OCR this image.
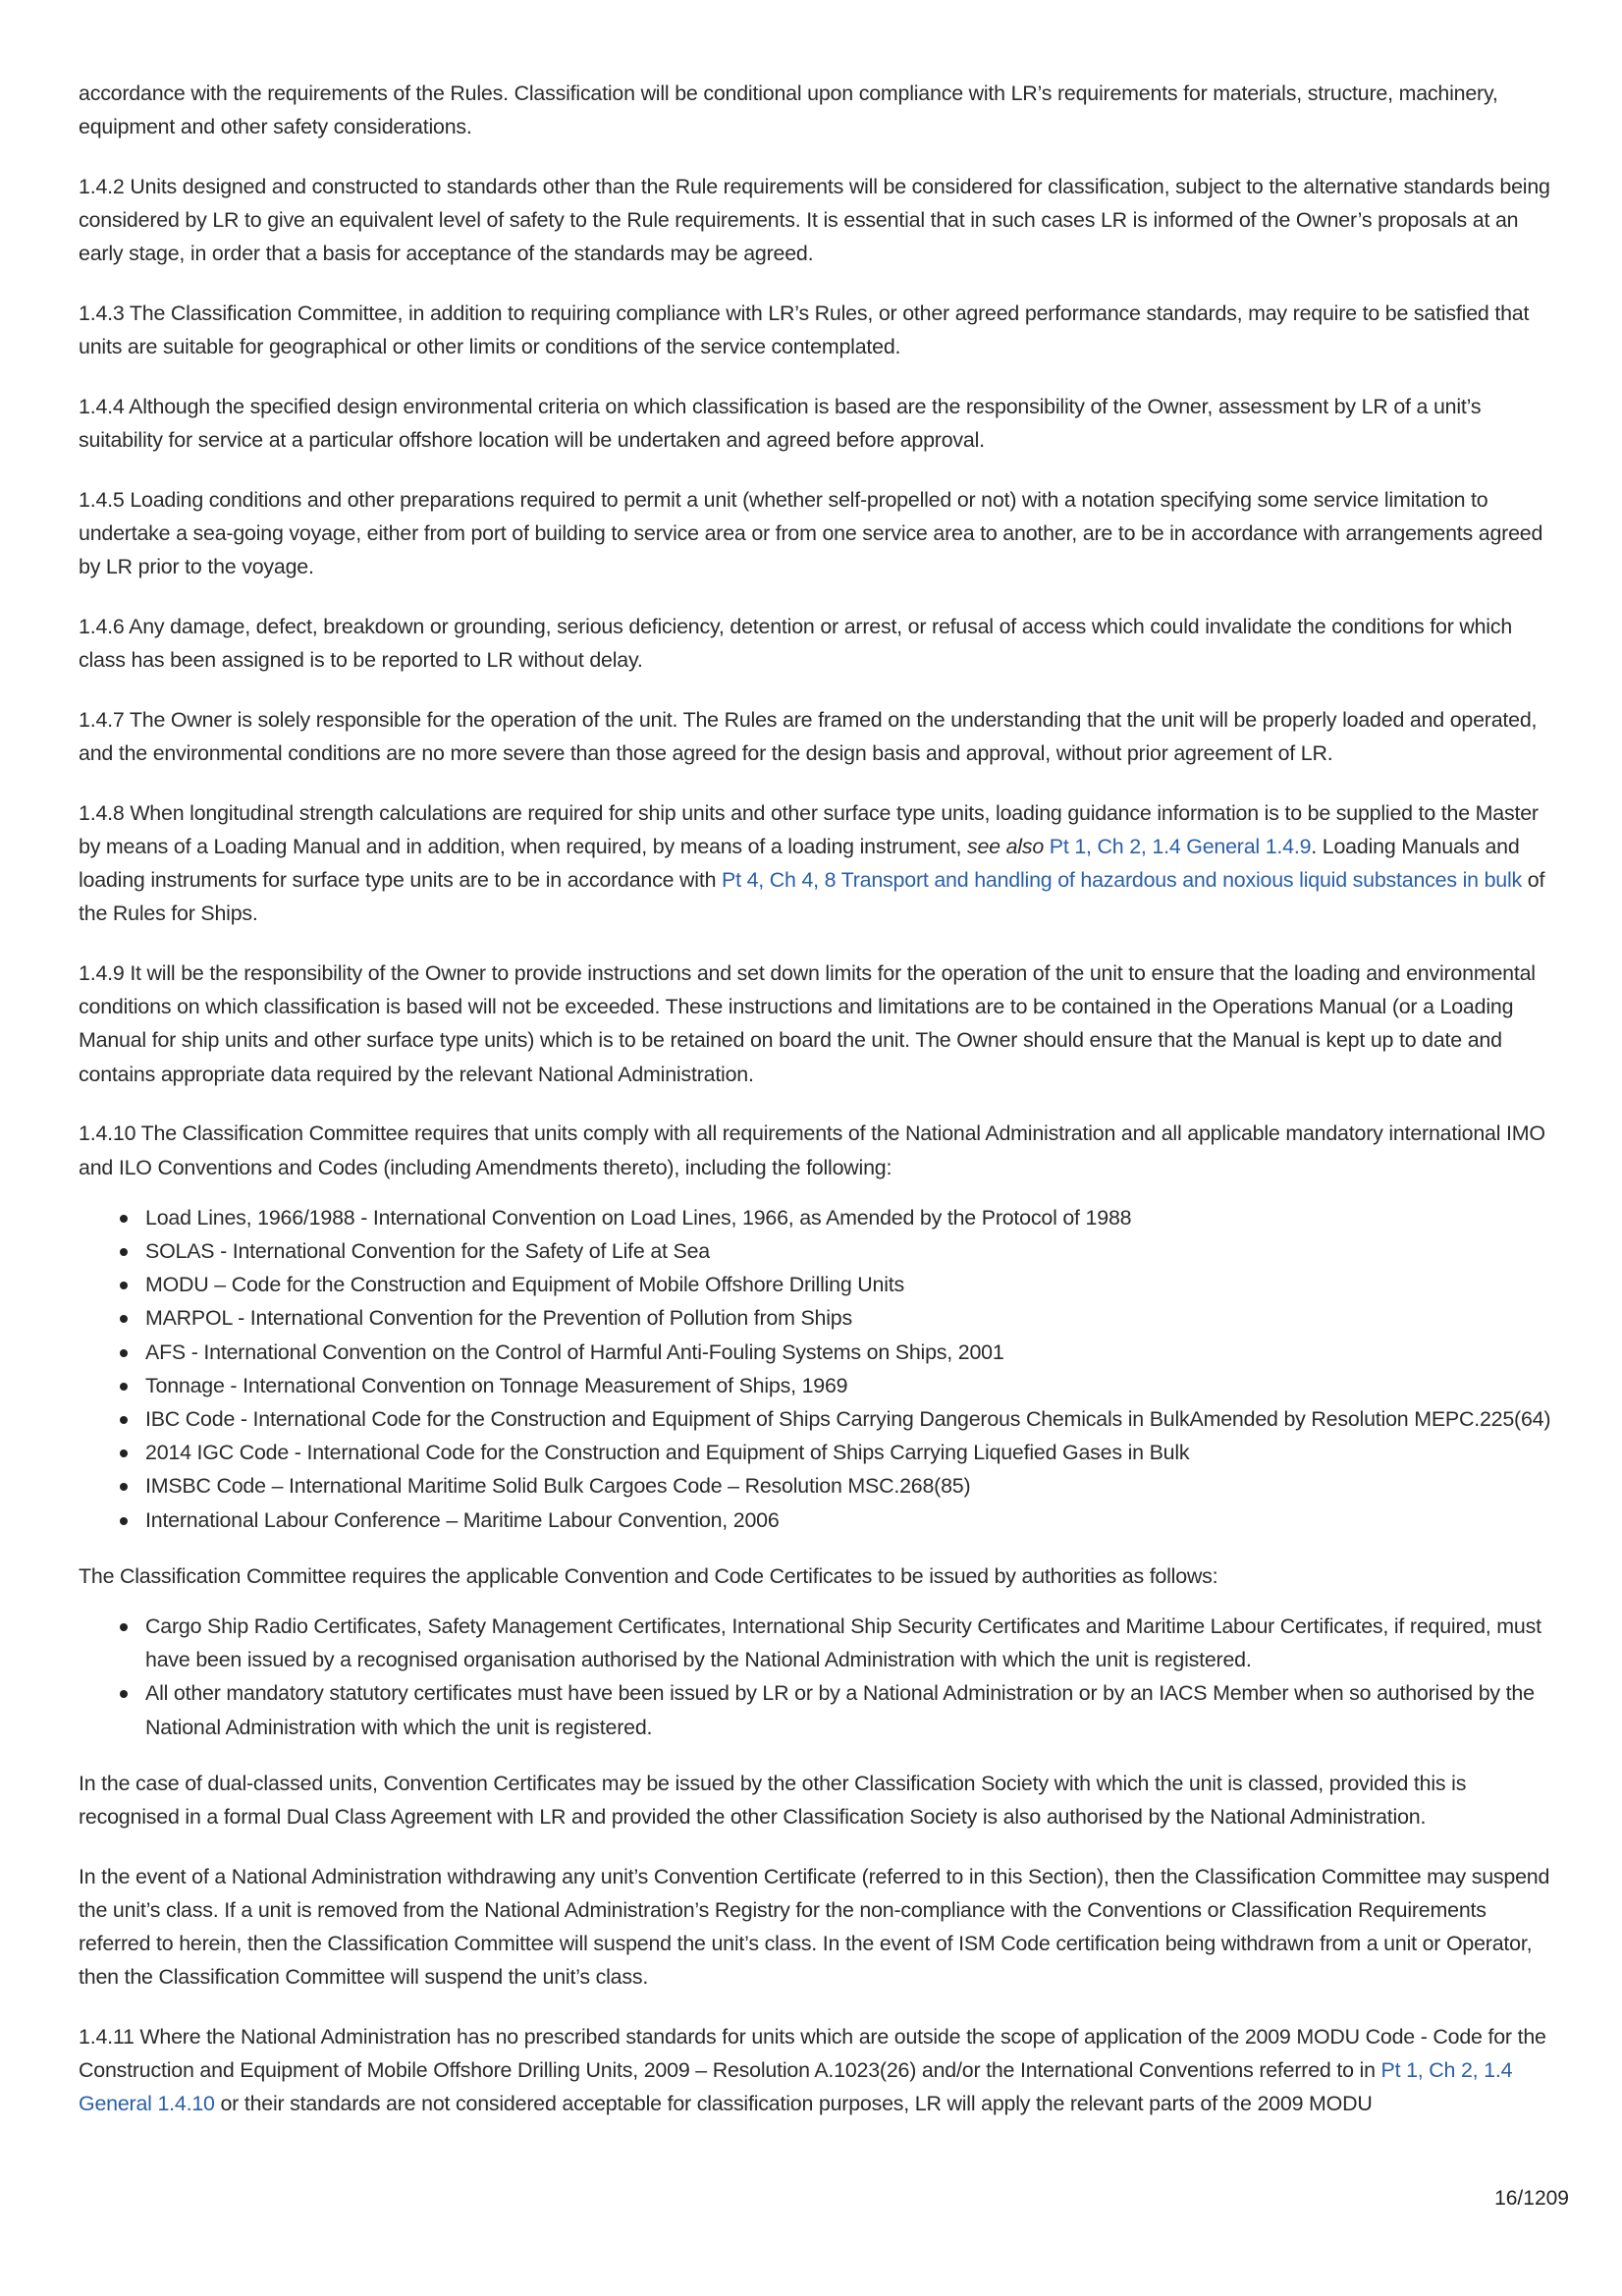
accordance with the requirements of the Rules. Classification will be conditional upon compliance with LR’s requirements for materials, structure, machinery, equipment and other safety considerations.

1.4.2 Units designed and constructed to standards other than the Rule requirements will be considered for classification, subject to the alternative standards being considered by LR to give an equivalent level of safety to the Rule requirements. It is essential that in such cases LR is informed of the Owner’s proposals at an early stage, in order that a basis for acceptance of the standards may be agreed.

1.4.3 The Classification Committee, in addition to requiring compliance with LR’s Rules, or other agreed performance standards, may require to be satisfied that units are suitable for geographical or other limits or conditions of the service contemplated.

1.4.4 Although the specified design environmental criteria on which classification is based are the responsibility of the Owner, assessment by LR of a unit’s suitability for service at a particular offshore location will be undertaken and agreed before approval.

1.4.5 Loading conditions and other preparations required to permit a unit (whether self-propelled or not) with a notation specifying some service limitation to undertake a sea-going voyage, either from port of building to service area or from one service area to another, are to be in accordance with arrangements agreed by LR prior to the voyage.

1.4.6 Any damage, defect, breakdown or grounding, serious deficiency, detention or arrest, or refusal of access which could invalidate the conditions for which class has been assigned is to be reported to LR without delay.

1.4.7 The Owner is solely responsible for the operation of the unit. The Rules are framed on the understanding that the unit will be properly loaded and operated, and the environmental conditions are no more severe than those agreed for the design basis and approval, without prior agreement of LR.

1.4.8 When longitudinal strength calculations are required for ship units and other surface type units, loading guidance information is to be supplied to the Master by means of a Loading Manual and in addition, when required, by means of a loading instrument, see also Pt 1, Ch 2, 1.4 General 1.4.9. Loading Manuals and loading instruments for surface type units are to be in accordance with Pt 4, Ch 4, 8 Transport and handling of hazardous and noxious liquid substances in bulk of the Rules for Ships.

1.4.9 It will be the responsibility of the Owner to provide instructions and set down limits for the operation of the unit to ensure that the loading and environmental conditions on which classification is based will not be exceeded. These instructions and limitations are to be contained in the Operations Manual (or a Loading Manual for ship units and other surface type units) which is to be retained on board the unit. The Owner should ensure that the Manual is kept up to date and contains appropriate data required by the relevant National Administration.

1.4.10 The Classification Committee requires that units comply with all requirements of the National Administration and all applicable mandatory international IMO and ILO Conventions and Codes (including Amendments thereto), including the following:

Load Lines, 1966/1988 - International Convention on Load Lines, 1966, as Amended by the Protocol of 1988
SOLAS - International Convention for the Safety of Life at Sea
MODU – Code for the Construction and Equipment of Mobile Offshore Drilling Units
MARPOL - International Convention for the Prevention of Pollution from Ships
AFS - International Convention on the Control of Harmful Anti-Fouling Systems on Ships, 2001
Tonnage - International Convention on Tonnage Measurement of Ships, 1969
IBC Code - International Code for the Construction and Equipment of Ships Carrying Dangerous Chemicals in BulkAmended by Resolution MEPC.225(64)
2014 IGC Code - International Code for the Construction and Equipment of Ships Carrying Liquefied Gases in Bulk
IMSBC Code – International Maritime Solid Bulk Cargoes Code – Resolution MSC.268(85)
International Labour Conference – Maritime Labour Convention, 2006

The Classification Committee requires the applicable Convention and Code Certificates to be issued by authorities as follows:

Cargo Ship Radio Certificates, Safety Management Certificates, International Ship Security Certificates and Maritime Labour Certificates, if required, must have been issued by a recognised organisation authorised by the National Administration with which the unit is registered.
All other mandatory statutory certificates must have been issued by LR or by a National Administration or by an IACS Member when so authorised by the National Administration with which the unit is registered.

In the case of dual-classed units, Convention Certificates may be issued by the other Classification Society with which the unit is classed, provided this is recognised in a formal Dual Class Agreement with LR and provided the other Classification Society is also authorised by the National Administration.

In the event of a National Administration withdrawing any unit’s Convention Certificate (referred to in this Section), then the Classification Committee may suspend the unit’s class. If a unit is removed from the National Administration’s Registry for the non-compliance with the Conventions or Classification Requirements referred to herein, then the Classification Committee will suspend the unit’s class. In the event of ISM Code certification being withdrawn from a unit or Operator, then the Classification Committee will suspend the unit’s class.

1.4.11 Where the National Administration has no prescribed standards for units which are outside the scope of application of the 2009 MODU Code - Code for the Construction and Equipment of Mobile Offshore Drilling Units, 2009 – Resolution A.1023(26) and/or the International Conventions referred to in Pt 1, Ch 2, 1.4 General 1.4.10 or their standards are not considered acceptable for classification purposes, LR will apply the relevant parts of the 2009 MODU

16/1209
